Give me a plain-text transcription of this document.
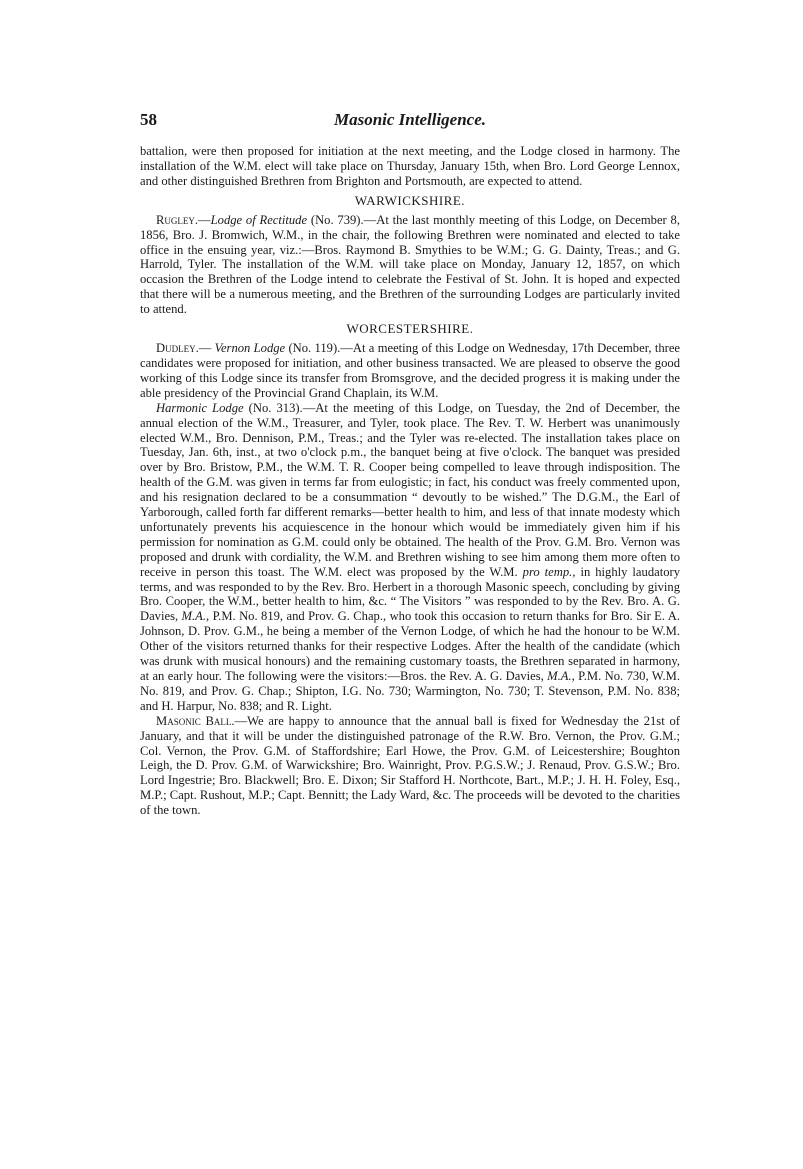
58	Masonic Intelligence.

battalion, were then proposed for initiation at the next meeting, and the Lodge closed in harmony. The installation of the W.M. elect will take place on Thursday, January 15th, when Bro. Lord George Lennox, and other distinguished Brethren from Brighton and Portsmouth, are expected to attend.

WARWICKSHIRE.

Rugley.—Lodge of Rectitude (No. 739).—At the last monthly meeting of this Lodge, on December 8, 1856, Bro. J. Bromwich, W.M., in the chair, the following Brethren were nominated and elected to take office in the ensuing year, viz.:—Bros. Raymond B. Smythies to be W.M.; G. G. Dainty, Treas.; and G. Harrold, Tyler. The installation of the W.M. will take place on Monday, January 12, 1857, on which occasion the Brethren of the Lodge intend to celebrate the Festival of St. John. It is hoped and expected that there will be a numerous meeting, and the Brethren of the surrounding Lodges are particularly invited to attend.

WORCESTERSHIRE.

Dudley.— Vernon Lodge (No. 119).—At a meeting of this Lodge on Wednesday, 17th December, three candidates were proposed for initiation, and other business transacted. We are pleased to observe the good working of this Lodge since its transfer from Bromsgrove, and the decided progress it is making under the able presidency of the Provincial Grand Chaplain, its W.M.

Harmonic Lodge (No. 313).—At the meeting of this Lodge, on Tuesday, the 2nd of December, the annual election of the W.M., Treasurer, and Tyler, took place. The Rev. T. W. Herbert was unanimously elected W.M., Bro. Dennison, P.M., Treas.; and the Tyler was re-elected. The installation takes place on Tuesday, Jan. 6th, inst., at two o'clock p.m., the banquet being at five o'clock. The banquet was presided over by Bro. Bristow, P.M., the W.M. T. R. Cooper being compelled to leave through indisposition. The health of the G.M. was given in terms far from eulogistic; in fact, his conduct was freely commented upon, and his resignation declared to be a consummation “ devoutly to be wished.” The D.G.M., the Earl of Yarborough, called forth far different remarks—better health to him, and less of that innate modesty which unfortunately prevents his acquiescence in the honour which would be immediately given him if his permission for nomination as G.M. could only be obtained. The health of the Prov. G.M. Bro. Vernon was proposed and drunk with cordiality, the W.M. and Brethren wishing to see him among them more often to receive in person this toast. The W.M. elect was proposed by the W.M. pro temp., in highly laudatory terms, and was responded to by the Rev. Bro. Herbert in a thorough Masonic speech, concluding by giving Bro. Cooper, the W.M., better health to him, &c. “ The Visitors ” was responded to by the Rev. Bro. A. G. Davies, M.A., P.M. No. 819, and Prov. G. Chap., who took this occasion to return thanks for Bro. Sir E. A. Johnson, D. Prov. G.M., he being a member of the Vernon Lodge, of which he had the honour to be W.M. Other of the visitors returned thanks for their respective Lodges. After the health of the candidate (which was drunk with musical honours) and the remaining customary toasts, the Brethren separated in harmony, at an early hour. The following were the visitors:—Bros. the Rev. A. G. Davies, M.A., P.M. No. 730, W.M. No. 819, and Prov. G. Chap.; Shipton, I.G. No. 730; Warmington, No. 730; T. Stevenson, P.M. No. 838; and H. Harpur, No. 838; and R. Light.

Masonic Ball.—We are happy to announce that the annual ball is fixed for Wednesday the 21st of January, and that it will be under the distinguished patronage of the R.W. Bro. Vernon, the Prov. G.M.; Col. Vernon, the Prov. G.M. of Staffordshire; Earl Howe, the Prov. G.M. of Leicestershire; Boughton Leigh, the D. Prov. G.M. of Warwickshire; Bro. Wainright, Prov. P.G.S.W.; J. Renaud, Prov. G.S.W.; Bro. Lord Ingestrie; Bro. Blackwell; Bro. E. Dixon; Sir Stafford H. Northcote, Bart., M.P.; J. H. H. Foley, Esq., M.P.; Capt. Rushout, M.P.; Capt. Bennitt; the Lady Ward, &c. The proceeds will be devoted to the charities of the town.
